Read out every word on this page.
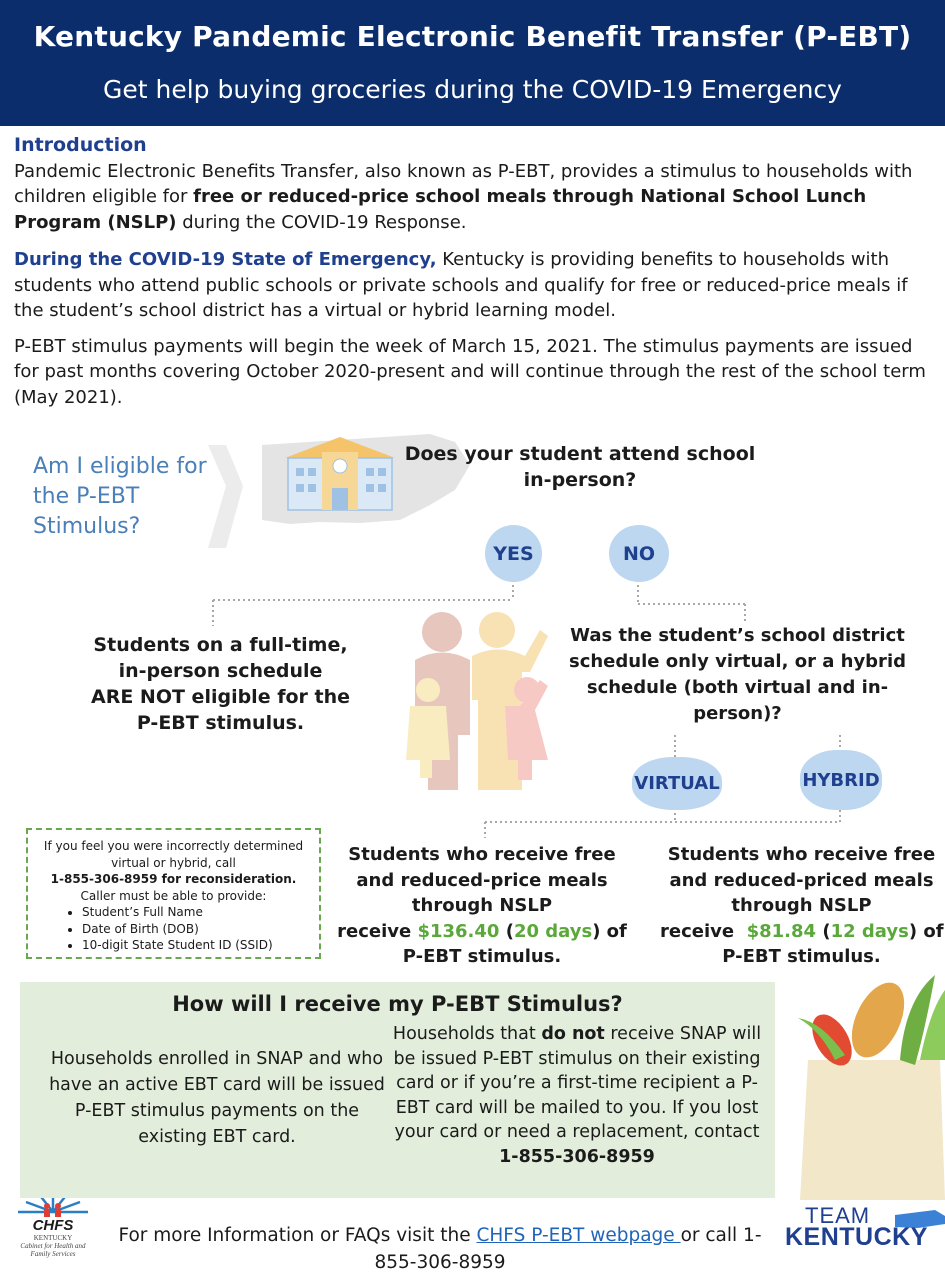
Kentucky Pandemic Electronic Benefit Transfer (P-EBT)
Get help buying groceries during the COVID-19 Emergency
Introduction

Pandemic Electronic Benefits Transfer, also known as P-EBT, provides a stimulus to households with children eligible for free or reduced-price school meals through National School Lunch Program (NSLP) during the COVID-19 Response.

During the COVID-19 State of Emergency, Kentucky is providing benefits to households with students who attend public schools or private schools and qualify for free or reduced-price meals if the student’s school district has a virtual or hybrid learning model.

P-EBT stimulus payments will begin the week of March 15, 2021. The stimulus payments are issued for past months covering October 2020-present and will continue through the rest of the school term (May 2021).

Am I eligible for the P-EBT Stimulus?
Does your student attend school in-person?
YES	NO
Students on a full-time,
in-person schedule
ARE NOT eligible for the
P-EBT stimulus.
Was the student’s school district schedule only virtual, or a hybrid schedule (both virtual and in-person)?
VIRTUAL	HYBRID
If you feel you were incorrectly determined
virtual or hybrid, call
1-855-306-8959 for reconsideration.
Caller must be able to provide:
• Student’s Full Name
• Date of Birth (DOB)
• 10-digit State Student ID (SSID)
Students who receive free
and reduced-price meals
through NSLP
receive $136.40 (20 days) of
P-EBT stimulus.
Students who receive free
and reduced-priced meals
through NSLP
receive  $81.84 (12 days) of
P-EBT stimulus.
How will I receive my P-EBT Stimulus?
Households enrolled in SNAP and who have an active EBT card will be issued P-EBT stimulus payments on the existing EBT card.
Households that do not receive SNAP will be issued P-EBT stimulus on their existing card or if you’re a first-time recipient a P-EBT card will be mailed to you. If you lost your card or need a replacement, contact 1-855-306-8959
CHFS
KENTUCKY
Cabinet for Health and
Family Services
For more Information or FAQs visit the CHFS P-EBT webpage or call 1-855-306-8959
TEAM
KENTUCKY
